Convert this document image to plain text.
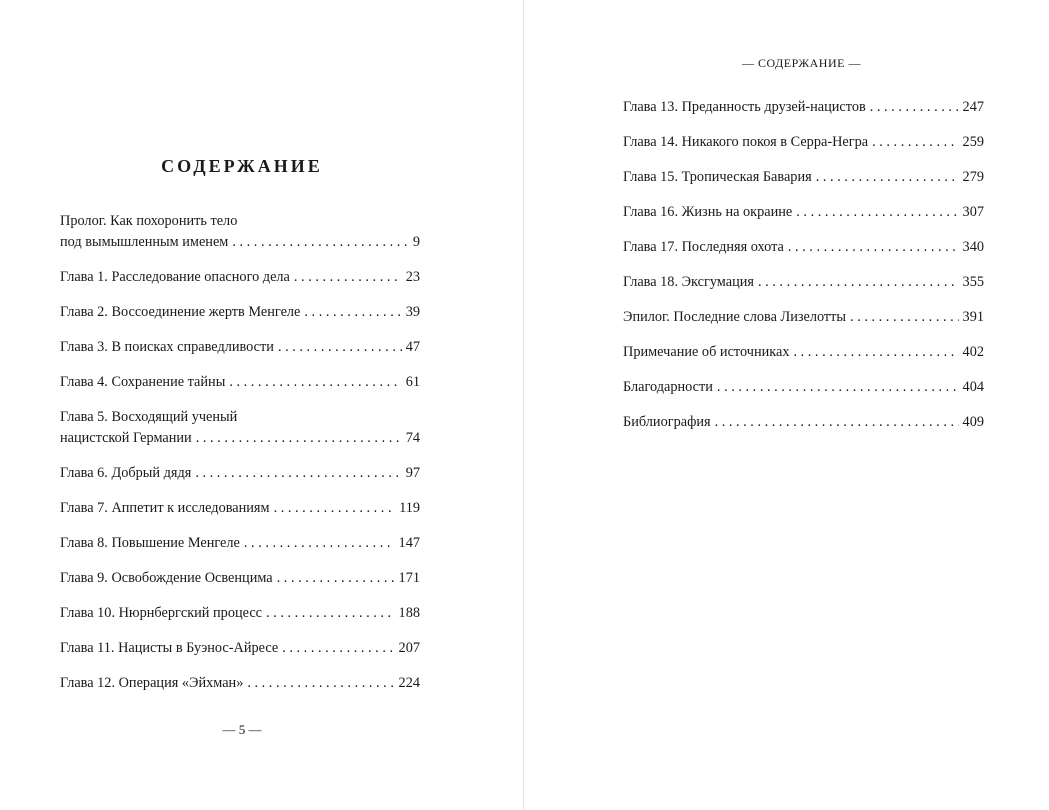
СОДЕРЖАНИЕ
Пролог. Как похоронить тело
под вымышленным именем . . .	9
Глава 1. Расследование опасного дела . . .	23
Глава 2. Воссоединение жертв Менгеле . . .	39
Глава 3. В поисках справедливости . . .	47
Глава 4. Сохранение тайны . . .	61
Глава 5. Восходящий ученый
нацистской Германии . . .	74
Глава 6. Добрый дядя . . .	97
Глава 7. Аппетит к исследованиям . . .	119
Глава 8. Повышение Менгеле . . .	147
Глава 9. Освобождение Освенцима . . .	171
Глава 10. Нюрнбергский процесс . . .	188
Глава 11. Нацисты в Буэнос-Айресе . . .	207
Глава 12. Операция «Эйхман» . . .	224
— 5 —
— СОДЕРЖАНИЕ —
Глава 13. Преданность друзей-нацистов . . .	247
Глава 14. Никакого покоя в Серра-Негра . . .	259
Глава 15. Тропическая Бавария . . .	279
Глава 16. Жизнь на окраине . . .	307
Глава 17. Последняя охота . . .	340
Глава 18. Эксгумация . . .	355
Эпилог. Последние слова Лизелотты . . .	391
Примечание об источниках . . .	402
Благодарности . . .	404
Библиография . . .	409
